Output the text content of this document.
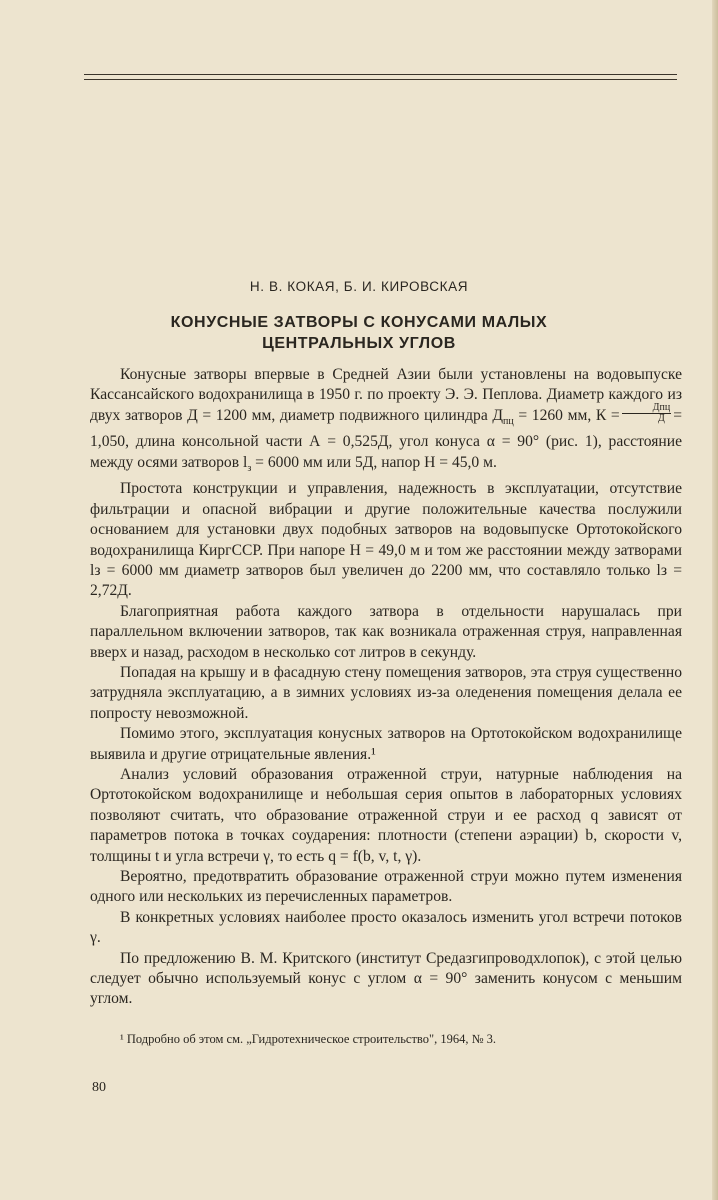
Н. В. КОКАЯ, Б. И. КИРОВСКАЯ
КОНУСНЫЕ ЗАТВОРЫ С КОНУСАМИ МАЛЫХ
ЦЕНТРАЛЬНЫХ УГЛОВ

Конусные затворы впервые в Средней Азии были установлены на водовыпуске Кассансайского водохранилища в 1950 г. по проекту Э. Э. Пеплова. Диаметр каждого из двух затворов Д = 1200 мм, диаметр подвижного цилиндра $Д_{пц} = 1260$ мм, $К = \frac{\text{Дпц}}{Д} = 1,050$, длина консольной части А = 0,525Д, угол конуса α = 90° (рис. 1), расстояние между осями затворов $l_з = 6000$ мм или 5Д, напор H = 45,0 м.

Простота конструкции и управления, надежность в эксплуатации, отсутствие фильтрации и опасной вибрации и другие положительные качества послужили основанием для установки двух подобных затворов на водовыпуске Ортотокойского водохранилища КиргССР. При напоре H = 49,0 м и том же расстоянии между затворами lз = 6000 мм диаметр затворов был увеличен до 2200 мм, что составляло только lз = 2,72Д.

Благоприятная работа каждого затвора в отдельности нарушалась при параллельном включении затворов, так как возникала отраженная струя, направленная вверх и назад, расходом в несколько сот литров в секунду.

Попадая на крышу и в фасадную стену помещения затворов, эта струя существенно затрудняла эксплуатацию, а в зимних условиях из-за оледенения помещения делала ее попросту невозможной.

Помимо этого, эксплуатация конусных затворов на Ортотокойском водохранилище выявила и другие отрицательные явления.¹

Анализ условий образования отраженной струи, натурные наблюдения на Ортотокойском водохранилище и небольшая серия опытов в лабораторных условиях позволяют считать, что образование отраженной струи и ее расход q зависят от параметров потока в точках соударения: плотности (степени аэрации) b, скорости v, толщины t и угла встречи γ, то есть q = f(b, v, t, γ).

Вероятно, предотвратить образование отраженной струи можно путем изменения одного или нескольких из перечисленных параметров.

В конкретных условиях наиболее просто оказалось изменить угол встречи потоков γ.

По предложению В. М. Критского (институт Средазгипроводхлопок), с этой целью следует обычно используемый конус с углом α = 90° заменить конусом с меньшим углом.

¹ Подробно об этом см. „Гидротехническое строительство", 1964, № 3.
80
